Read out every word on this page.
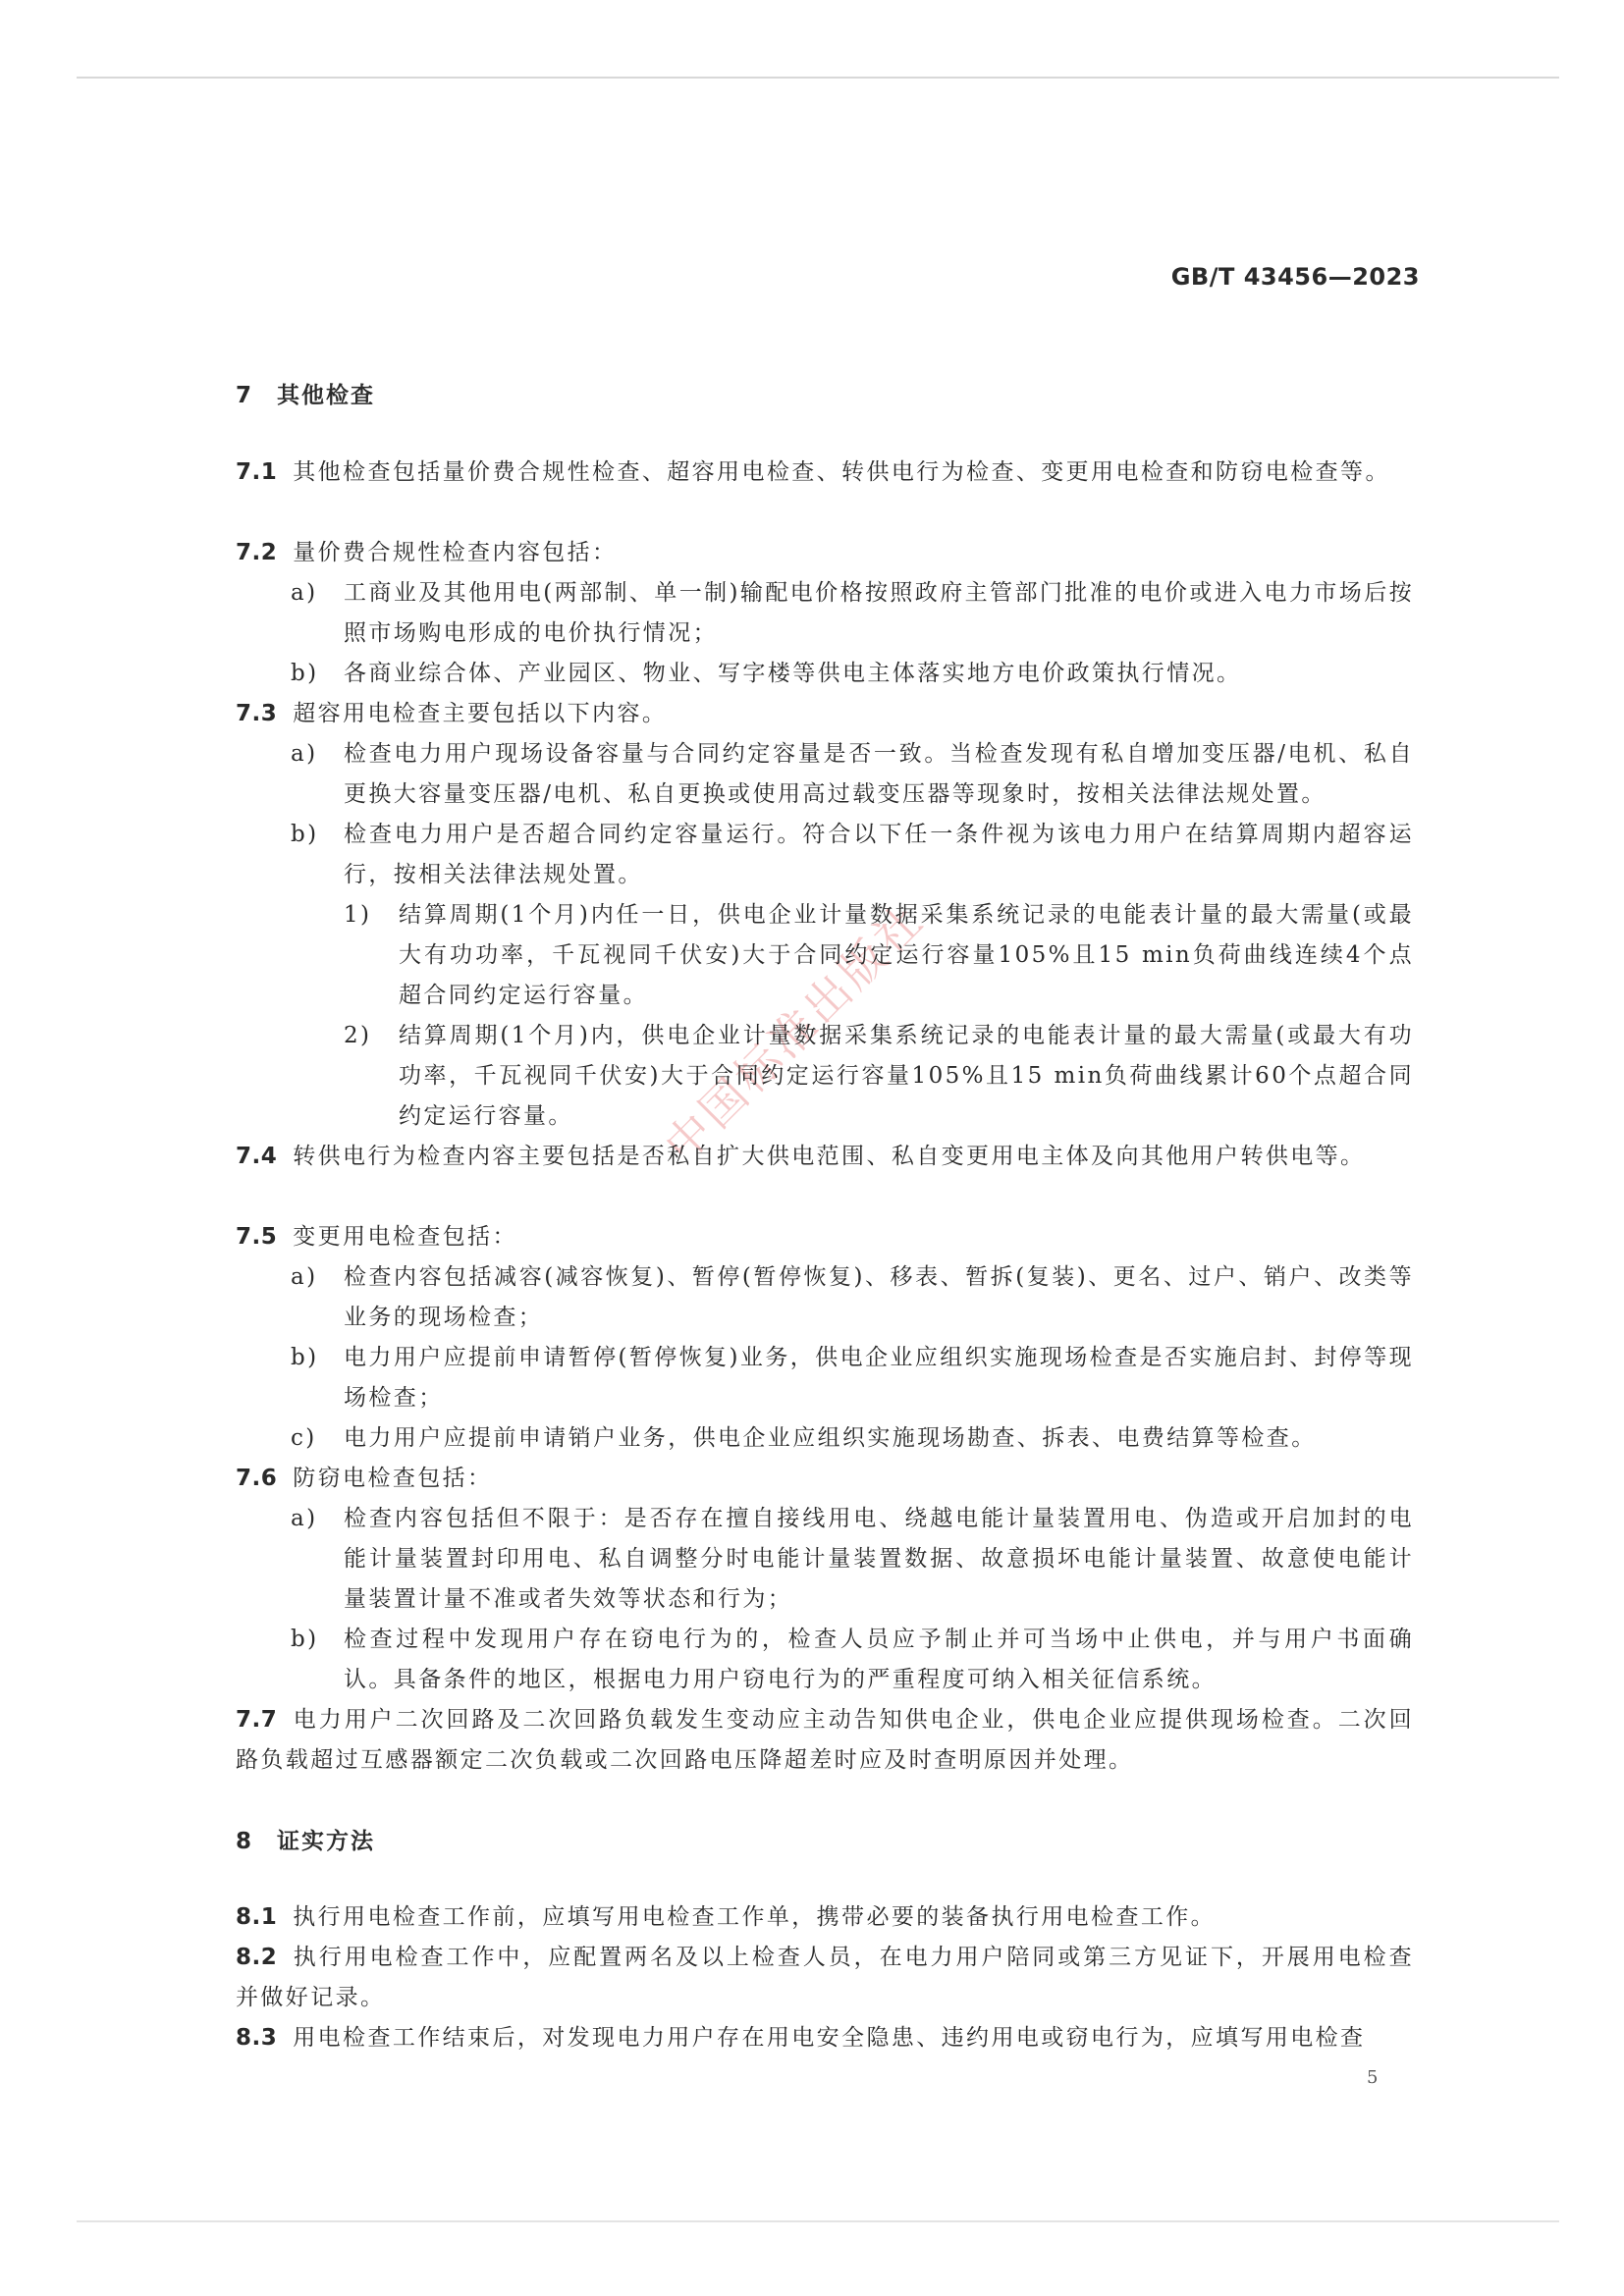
GB/T 43456—2023
中国标准出版社
7 其他检查
7.1 其他检查包括量价费合规性检查、超容用电检查、转供电行为检查、变更用电检查和防窃电检查等。
7.2 量价费合规性检查内容包括：
a)	工商业及其他用电(两部制、单一制)输配电价格按照政府主管部门批准的电价或进入电力市场后按照市场购电形成的电价执行情况；
b)	各商业综合体、产业园区、物业、写字楼等供电主体落实地方电价政策执行情况。
7.3 超容用电检查主要包括以下内容。
a)	检查电力用户现场设备容量与合同约定容量是否一致。当检查发现有私自增加变压器/电机、私自更换大容量变压器/电机、私自更换或使用高过载变压器等现象时，按相关法律法规处置。
b)	检查电力用户是否超合同约定容量运行。符合以下任一条件视为该电力用户在结算周期内超容运行，按相关法律法规处置。
1)	结算周期(1个月)内任一日，供电企业计量数据采集系统记录的电能表计量的最大需量(或最大有功功率，千瓦视同千伏安)大于合同约定运行容量105%且15 min负荷曲线连续4个点超合同约定运行容量。
2)	结算周期(1个月)内，供电企业计量数据采集系统记录的电能表计量的最大需量(或最大有功功率，千瓦视同千伏安)大于合同约定运行容量105%且15 min负荷曲线累计60个点超合同约定运行容量。
7.4 转供电行为检查内容主要包括是否私自扩大供电范围、私自变更用电主体及向其他用户转供电等。
7.5 变更用电检查包括：
a)	检查内容包括减容(减容恢复)、暂停(暂停恢复)、移表、暂拆(复装)、更名、过户、销户、改类等业务的现场检查；
b)	电力用户应提前申请暂停(暂停恢复)业务，供电企业应组织实施现场检查是否实施启封、封停等现场检查；
c)	电力用户应提前申请销户业务，供电企业应组织实施现场勘查、拆表、电费结算等检查。
7.6 防窃电检查包括：
a)	检查内容包括但不限于：是否存在擅自接线用电、绕越电能计量装置用电、伪造或开启加封的电能计量装置封印用电、私自调整分时电能计量装置数据、故意损坏电能计量装置、故意使电能计量装置计量不准或者失效等状态和行为；
b)	检查过程中发现用户存在窃电行为的，检查人员应予制止并可当场中止供电，并与用户书面确认。具备条件的地区，根据电力用户窃电行为的严重程度可纳入相关征信系统。
7.7 电力用户二次回路及二次回路负载发生变动应主动告知供电企业，供电企业应提供现场检查。二次回路负载超过互感器额定二次负载或二次回路电压降超差时应及时查明原因并处理。
8 证实方法
8.1 执行用电检查工作前，应填写用电检查工作单，携带必要的装备执行用电检查工作。
8.2 执行用电检查工作中，应配置两名及以上检查人员，在电力用户陪同或第三方见证下，开展用电检查并做好记录。
8.3 用电检查工作结束后，对发现电力用户存在用电安全隐患、违约用电或窃电行为，应填写用电检查
5
